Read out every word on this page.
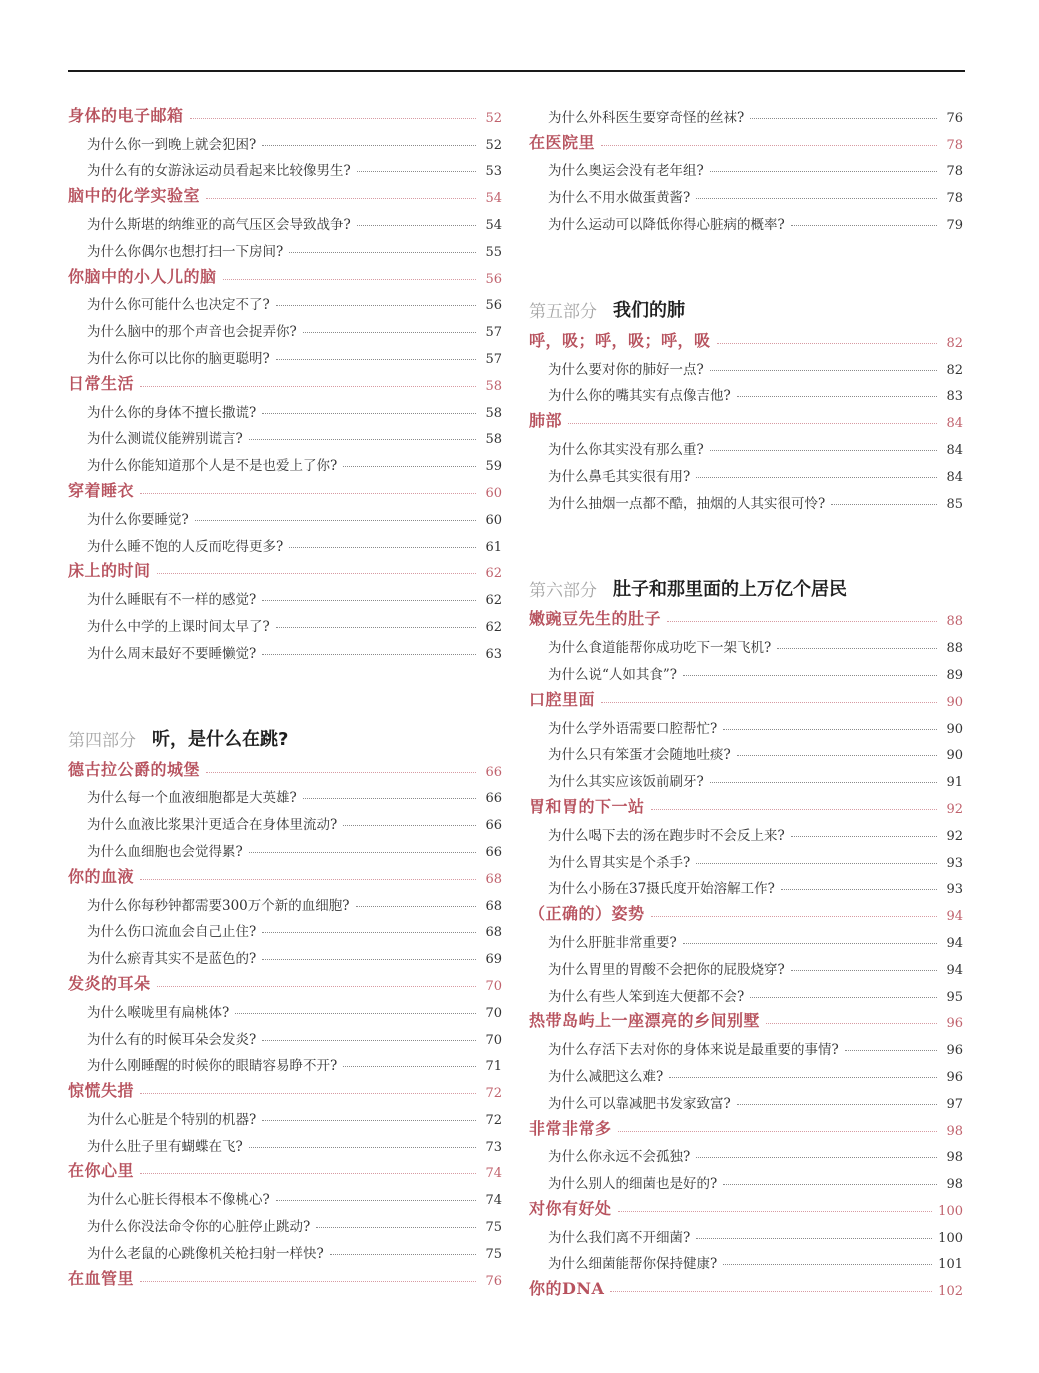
身体的电子邮箱	52
为什么你一到晚上就会犯困?	52
为什么有的女游泳运动员看起来比较像男生?	53
脑中的化学实验室	54
为什么斯堪的纳维亚的高气压区会导致战争?	54
为什么你偶尔也想打扫一下房间?	55
你脑中的小人儿的脑	56
为什么你可能什么也决定不了?	56
为什么脑中的那个声音也会捉弄你?	57
为什么你可以比你的脑更聪明?	57
日常生活	58
为什么你的身体不擅长撒谎?	58
为什么测谎仪能辨别谎言?	58
为什么你能知道那个人是不是也爱上了你?	59
穿着睡衣	60
为什么你要睡觉?	60
为什么睡不饱的人反而吃得更多?	61
床上的时间	62
为什么睡眠有不一样的感觉?	62
为什么中学的上课时间太早了?	62
为什么周末最好不要睡懒觉?	63
第四部分 听，是什么在跳?
德古拉公爵的城堡	66
为什么每一个血液细胞都是大英雄?	66
为什么血液比浆果汁更适合在身体里流动?	66
为什么血细胞也会觉得累?	66
你的血液	68
为什么你每秒钟都需要300万个新的血细胞?	68
为什么伤口流血会自己止住?	68
为什么瘀青其实不是蓝色的?	69
发炎的耳朵	70
为什么喉咙里有扁桃体?	70
为什么有的时候耳朵会发炎?	70
为什么刚睡醒的时候你的眼睛容易睁不开?	71
惊慌失措	72
为什么心脏是个特别的机器?	72
为什么肚子里有蝴蝶在飞?	73
在你心里	74
为什么心脏长得根本不像桃心?	74
为什么你没法命令你的心脏停止跳动?	75
为什么老鼠的心跳像机关枪扫射一样快?	75
在血管里	76
为什么外科医生要穿奇怪的丝袜?	76
在医院里	78
为什么奥运会没有老年组?	78
为什么不用水做蛋黄酱?	78
为什么运动可以降低你得心脏病的概率?	79
第五部分 我们的肺
呼，吸；呼，吸；呼，吸	82
为什么要对你的肺好一点?	82
为什么你的嘴其实有点像吉他?	83
肺部	84
为什么你其实没有那么重?	84
为什么鼻毛其实很有用?	84
为什么抽烟一点都不酷，抽烟的人其实很可怜?	85
第六部分 肚子和那里面的上万亿个居民
嫩豌豆先生的肚子	88
为什么食道能帮你成功吃下一架飞机?	88
为什么说“人如其食”?	89
口腔里面	90
为什么学外语需要口腔帮忙?	90
为什么只有笨蛋才会随地吐痰?	90
为什么其实应该饭前刷牙?	91
胃和胃的下一站	92
为什么喝下去的汤在跑步时不会反上来?	92
为什么胃其实是个杀手?	93
为什么小肠在37摄氏度开始溶解工作?	93
（正确的）姿势	94
为什么肝脏非常重要?	94
为什么胃里的胃酸不会把你的屁股烧穿?	94
为什么有些人笨到连大便都不会?	95
热带岛屿上一座漂亮的乡间别墅	96
为什么存活下去对你的身体来说是最重要的事情?	96
为什么减肥这么难?	96
为什么可以靠减肥书发家致富?	97
非常非常多	98
为什么你永远不会孤独?	98
为什么别人的细菌也是好的?	98
对你有好处	100
为什么我们离不开细菌?	100
为什么细菌能帮你保持健康?	101
你的DNA	102
